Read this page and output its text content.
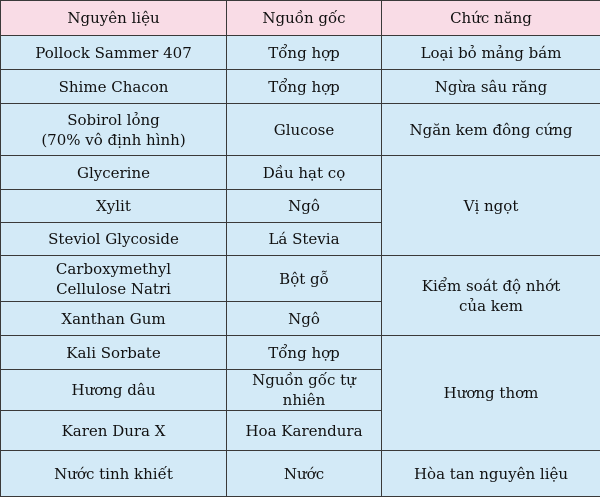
Nguyên liệu	Nguồn gốc	Chức năng
Pollock Sammer 407	Tổng hợp	Loại bỏ mảng bám
Shime Chacon	Tổng hợp	Ngừa sâu răng

Sobirol lỏng
(70% vô định hình)	Glucose	Ngăn kem đông cứng
Glycerine	Dầu hạt cọ	Vị ngọt
Xylit	Ngô	
Steviol Glycoside	Lá Stevia	

Carboxymethyl
Cellulose Natri	Bột gỗ	Kiểm soát độ nhớt
của kem

Xanthan Gum	Ngô	
Kali Sorbate	Tổng hợp	Hương thơm
Hương dâu	Nguồn gốc tự nhiên	
Karen Dura X	Hoa Karendura	
Nước tinh khiết	Nước	Hòa tan nguyên liệu
